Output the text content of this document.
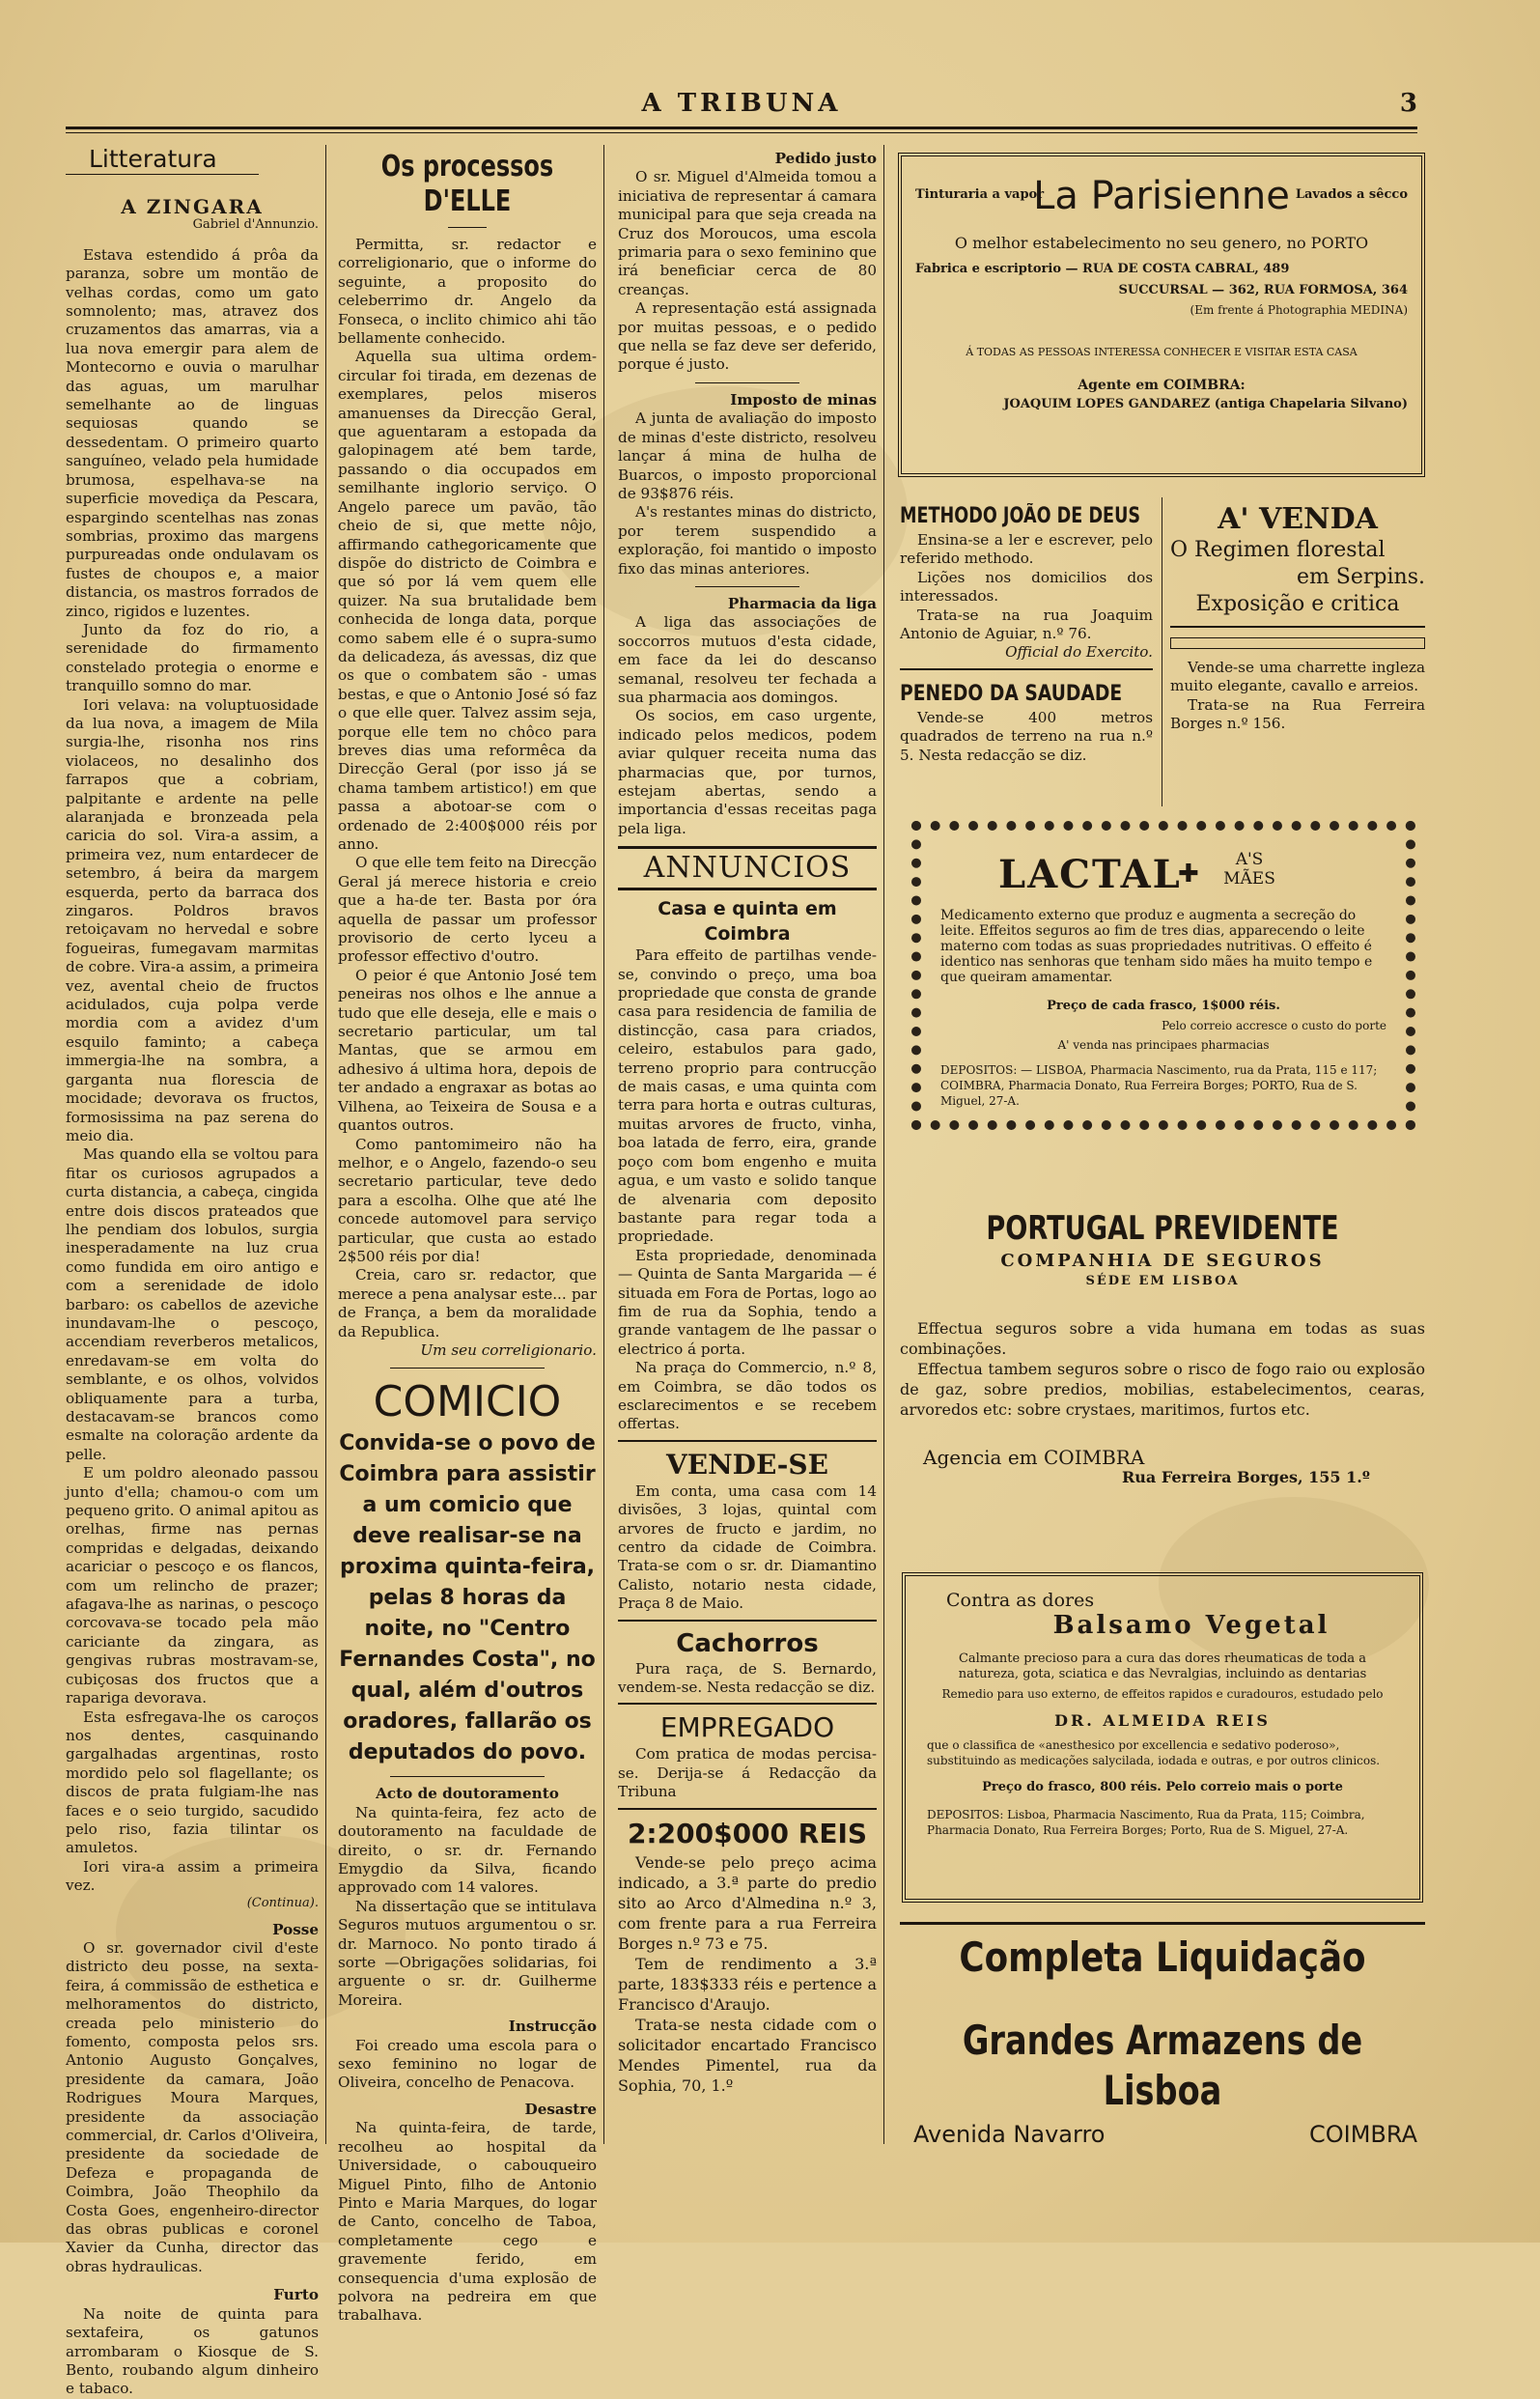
A TRIBUNA	3
Litteratura
A ZINGARA
Gabriel d'Annunzio.

Estava estendido á prôa da paranza, sobre um montão de velhas cordas, como um gato somnolento; mas, atravez dos cruzamentos das amarras, via a lua nova emergir para alem de Montecorno e ouvia o marulhar das aguas, um marulhar semelhante ao de linguas sequiosas quando se dessedentam. O primeiro quarto sanguíneo, velado pela humidade brumosa, espelhava-se na superficie movediça da Pescara, espargindo scentelhas nas zonas sombrias, proximo das margens purpureadas onde ondulavam os fustes de choupos e, a maior distancia, os mastros forrados de zinco, rigidos e luzentes.

Junto da foz do rio, a serenidade do firmamento constelado protegia o enorme e tranquillo somno do mar.

Iori velava: na voluptuosidade da lua nova, a imagem de Mila surgia-lhe, risonha nos rins violaceos, no desalinho dos farrapos que a cobriam, palpitante e ardente na pelle alaranjada e bronzeada pela caricia do sol. Vira-a assim, a primeira vez, num entardecer de setembro, á beira da margem esquerda, perto da barraca dos zingaros. Poldros bravos retoiçavam no hervedal e sobre fogueiras, fumegavam marmitas de cobre. Vira-a assim, a primeira vez, avental cheio de fructos acidulados, cuja polpa verde mordia com a avidez d'um esquilo faminto; a cabeça immergia-lhe na sombra, a garganta nua florescia de mocidade; devorava os fructos, formosissima na paz serena do meio dia.

Mas quando ella se voltou para fitar os curiosos agrupados a curta distancia, a cabeça, cingida entre dois discos prateados que lhe pendiam dos lobulos, surgia inesperadamente na luz crua como fundida em oiro antigo e com a serenidade de idolo barbaro: os cabellos de azeviche inundavam-lhe o pescoço, accendiam reverberos metalicos, enredavam-se em volta do semblante, e os olhos, volvidos obliquamente para a turba, destacavam-se brancos como esmalte na coloração ardente da pelle.

E um poldro aleonado passou junto d'ella; chamou-o com um pequeno grito. O animal apitou as orelhas, firme nas pernas compridas e delgadas, deixando acariciar o pescoço e os flancos, com um relincho de prazer; afagava-lhe as narinas, o pescoço corcovava-se tocado pela mão cariciante da zingara, as gengivas rubras mostravam-se, cubiçosas dos fructos que a rapariga devorava.

Esta esfregava-lhe os caroços nos dentes, casquinando gargalhadas argentinas, rosto mordido pelo sol flagellante; os discos de prata fulgiam-lhe nas faces e o seio turgido, sacudido pelo riso, fazia tilintar os amuletos.

Iori vira-a assim a primeira vez.

(Continua).
Posse

O sr. governador civil d'este districto deu posse, na sexta-feira, á commissão de esthetica e melhoramentos do districto, creada pelo ministerio do fomento, composta pelos srs. Antonio Augusto Gonçalves, presidente da camara, João Rodrigues Moura Marques, presidente da associação commercial, dr. Carlos d'Oliveira, presidente da sociedade de Defeza e propaganda de Coimbra, João Theophilo da Costa Goes, engenheiro-director das obras publicas e coronel Xavier da Cunha, director das obras hydraulicas.

Furto

Na noite de quinta para sextafeira, os gatunos arrombaram o Kiosque de S. Bento, roubando algum dinheiro e tabaco.

Os processos D'ELLE

Permitta, sr. redactor e correligionario, que o informe do seguinte, a proposito do celeberrimo dr. Angelo da Fonseca, o inclito chimico ahi tão bellamente conhecido.

Aquella sua ultima ordem-circular foi tirada, em dezenas de exemplares, pelos miseros amanuenses da Direcção Geral, que aguentaram a estopada da galopinagem até bem tarde, passando o dia occupados em semilhante inglorio serviço. O Angelo parece um pavão, tão cheio de si, que mette nôjo, affirmando cathegoricamente que dispõe do districto de Coimbra e que só por lá vem quem elle quizer. Na sua brutalidade bem conhecida de longa data, porque como sabem elle é o supra-sumo da delicadeza, ás avessas, diz que os que o combatem são - umas bestas, e que o Antonio José só faz o que elle quer. Talvez assim seja, porque elle tem no chôco para breves dias uma reformêca da Direcção Geral (por isso já se chama tambem artistico!) em que passa a abotoar-se com o ordenado de 2:400$000 réis por anno.

O que elle tem feito na Direcção Geral já merece historia e creio que a ha-de ter. Basta por óra aquella de passar um professor provisorio de certo lyceu a professor effectivo d'outro.

O peior é que Antonio José tem peneiras nos olhos e lhe annue a tudo que elle deseja, elle e mais o secretario particular, um tal Mantas, que se armou em adhesivo á ultima hora, depois de ter andado a engraxar as botas ao Vilhena, ao Teixeira de Sousa e a quantos outros.

Como pantomimeiro não ha melhor, e o Angelo, fazendo-o seu secretario particular, teve dedo para a escolha. Olhe que até lhe concede automovel para serviço particular, que custa ao estado 2$500 réis por dia!

Creia, caro sr. redactor, que merece a pena analysar este... par de França, a bem da moralidade da Republica.

Um seu correligionario.
COMICIO
Convida-se o povo de Coimbra para assistir a um comicio que deve realisar-se na proxima quinta-feira, pelas 8 horas da noite, no "Centro Fernandes Costa", no qual, além d'outros oradores, fallarão os deputados do povo.
Acto de doutoramento

Na quinta-feira, fez acto de doutoramento na faculdade de direito, o sr. dr. Fernando Emygdio da Silva, ficando approvado com 14 valores.

Na dissertação que se intitulava Seguros mutuos argumentou o sr. dr. Marnoco. No ponto tirado á sorte —Obrigações solidarias, foi arguente o sr. dr. Guilherme Moreira.

Instrucção

Foi creado uma escola para o sexo feminino no logar de Oliveira, concelho de Penacova.

Desastre

Na quinta-feira, de tarde, recolheu ao hospital da Universidade, o cabouqueiro Miguel Pinto, filho de Antonio Pinto e Maria Marques, do logar de Canto, concelho de Taboa, completamente cego e gravemente ferido, em consequencia d'uma explosão de polvora na pedreira em que trabalhava.

Pedido justo

O sr. Miguel d'Almeida tomou a iniciativa de representar á camara municipal para que seja creada na Cruz dos Moroucos, uma escola primaria para o sexo feminino que irá beneficiar cerca de 80 creanças.

A representação está assignada por muitas pessoas, e o pedido que nella se faz deve ser deferido, porque é justo.

Imposto de minas

A junta de avaliação do imposto de minas d'este districto, resolveu lançar á mina de hulha de Buarcos, o imposto proporcional de 93$876 réis.

A's restantes minas do districto, por terem suspendido a exploração, foi mantido o imposto fixo das minas anteriores.

Pharmacia da liga

A liga das associações de soccorros mutuos d'esta cidade, em face da lei do descanso semanal, resolveu ter fechada a sua pharmacia aos domingos.

Os socios, em caso urgente, indicado pelos medicos, podem aviar qulquer receita numa das pharmacias que, por turnos, estejam abertas, sendo a importancia d'essas receitas paga pela liga.

ANNUNCIOS
Casa e quinta em Coimbra

Para effeito de partilhas vende-se, convindo o preço, uma boa propriedade que consta de grande casa para residencia de familia de distincção, casa para criados, celeiro, estabulos para gado, terreno proprio para contrucção de mais casas, e uma quinta com terra para horta e outras culturas, muitas arvores de fructo, vinha, boa latada de ferro, eira, grande poço com bom engenho e muita agua, e um vasto e solido tanque de alvenaria com deposito bastante para regar toda a propriedade.

Esta propriedade, denominada — Quinta de Santa Margarida — é situada em Fora de Portas, logo ao fim de rua da Sophia, tendo a grande vantagem de lhe passar o electrico á porta.

Na praça do Commercio, n.º 8, em Coimbra, se dão todos os esclarecimentos e se recebem offertas.

VENDE-SE

Em conta, uma casa com 14 divisões, 3 lojas, quintal com arvores de fructo e jardim, no centro da cidade de Coimbra. Trata-se com o sr. dr. Diamantino Calisto, notario nesta cidade, Praça 8 de Maio.

Cachorros

Pura raça, de S. Bernardo, vendem-se. Nesta redacção se diz.

EMPREGADO

Com pratica de modas percisa-se. Derija-se á Redacção da Tribuna

2:200$000 REIS

Vende-se pelo preço acima indicado, a 3.ª parte do predio sito ao Arco d'Almedina n.º 3, com frente para a rua Ferreira Borges n.º 73 e 75.

Tem de rendimento a 3.ª parte, 183$333 réis e pertence a Francisco d'Araujo.

Trata-se nesta cidade com o solicitador encartado Francisco Mendes Pimentel, rua da Sophia, 70, 1.º

Tinturaria a vapor
La Parisienne Lavados a sêcco
O melhor estabelecimento no seu genero, no PORTO
Fabrica e escriptorio — RUA DE COSTA CABRAL, 489
SUCCURSAL — 362, RUA FORMOSA, 364
(Em frente á Photographia MEDINA)
Á TODAS AS PESSOAS INTERESSA CONHECER E VISITAR ESTA CASA
Agente em COIMBRA:
JOAQUIM LOPES GANDAREZ (antiga Chapelaria Silvano)
METHODO JOÃO DE DEUS

Ensina-se a ler e escrever, pelo referido methodo.

Lições nos domicilios dos interessados.

Trata-se na rua Joaquim Antonio de Aguiar, n.º 76.

Official do Exercito.
PENEDO DA SAUDADE

Vende-se 400 metros quadrados de terreno na rua n.º 5. Nesta redacção se diz.

A' VENDA
O Regimen florestal
em Serpins.
Exposição e critica

Vende-se uma charrette ingleza muito elegante, cavallo e arreios.

Trata-se na Rua Ferreira Borges n.º 156.

LACTAL
✚	A'S MÃES

Medicamento externo que produz e augmenta a secreção do leite. Effeitos seguros ao fim de tres dias, apparecendo o leite materno com todas as suas propriedades nutritivas. O effeito é identico nas senhoras que tenham sido mães ha muito tempo e que queiram amamentar.

Preço de cada frasco, 1$000 réis.
Pelo correio accresce o custo do porte
A' venda nas principaes pharmacias
DEPOSITOS: — LISBOA, Pharmacia Nascimento, rua da Prata, 115 e 117; COIMBRA, Pharmacia Donato, Rua Ferreira Borges; PORTO, Rua de S. Miguel, 27-A.
PORTUGAL PREVIDENTE
COMPANHIA DE SEGUROS
SÉDE EM LISBOA

Effectua seguros sobre a vida humana em todas as suas combinações.

Effectua tambem seguros sobre o risco de fogo raio ou explosão de gaz, sobre predios, mobilias, estabelecimentos, cearas, arvoredos etc: sobre crystaes, maritimos, furtos etc.

Agencia em COIMBRA
Rua Ferreira Borges, 155 1.º
Contra as dores
Balsamo Vegetal
Calmante precioso para a cura das dores rheumaticas de toda a natureza, gota, sciatica e das Nevralgias, incluindo as dentarias
Remedio para uso externo, de effeitos rapidos e curadouros, estudado pelo
DR. ALMEIDA REIS
que o classifica de «anesthesico por excellencia e sedativo poderoso», substituindo as medicações salycilada, iodada e outras, e por outros clinicos.
Preço do frasco, 800 réis. Pelo correio mais o porte
DEPOSITOS: Lisboa, Pharmacia Nascimento, Rua da Prata, 115; Coimbra, Pharmacia Donato, Rua Ferreira Borges; Porto, Rua de S. Miguel, 27-A.
Completa Liquidação
Grandes Armazens de Lisboa
Avenida Navarro	COIMBRA
